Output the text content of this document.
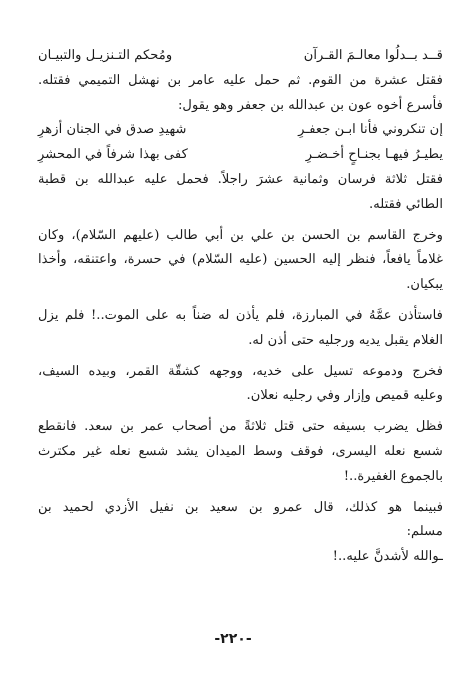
قــد بــدلُوا معالـمَ القـرآن
ومُحكم التـنزيـل والتبيـان
فقتل عشرة من القوم. ثم حمل عليه عامر بن نهشل التميمي فقتله.
فأسرع أخوه عون بن عبدالله بن جعفر وهو يقول:
إن تنكروني فأنا ابـن جعفـرِ
شهيدِ صدق في الجنان أزهرِ
يطيـرُ فيهـا بجنـاحٍ أخـضـرِ
كفى بهذا شرفاً في المحشرِ
فقتل ثلاثة فرسان وثمانية عشرَ راجلاً. فحمل عليه عبدالله بن قطبة
الطائي فقتله.
وخرج القاسم بن الحسن بن علي بن أبي طالب (عليهم السّلام)، وكان
غلاماً يافعاً، فنظر إليه الحسين (عليه السّلام) في حسرة، واعتنقه، وأخذا
يبكيان.
فاستأذن عمَّهُ في المبارزة، فلم يأذن له ضناً به على الموت..! فلم يزل
الغلام يقبل يديه ورجليه حتى أذن له.
فخرج ودموعه تسيل على خديه، ووجهه كشقّة القمر، وبيده السيف،
وعليه قميص وإزار وفي رجليه نعلان.
فظل يضرب بسيفه حتى قتل ثلاثةً من أصحاب عمر بن سعد. فانقطع
شسع نعله اليسرى، فوقف وسط الميدان يشد شسع نعله غير مكترث
بالجموع الغفيرة..!
فبينما هو كذلك، قال عمرو بن سعيد بن نفيل الأزدي لحميد بن
مسلم:
ـوالله لأشدنَّ عليه..!
-٢٢٠-
